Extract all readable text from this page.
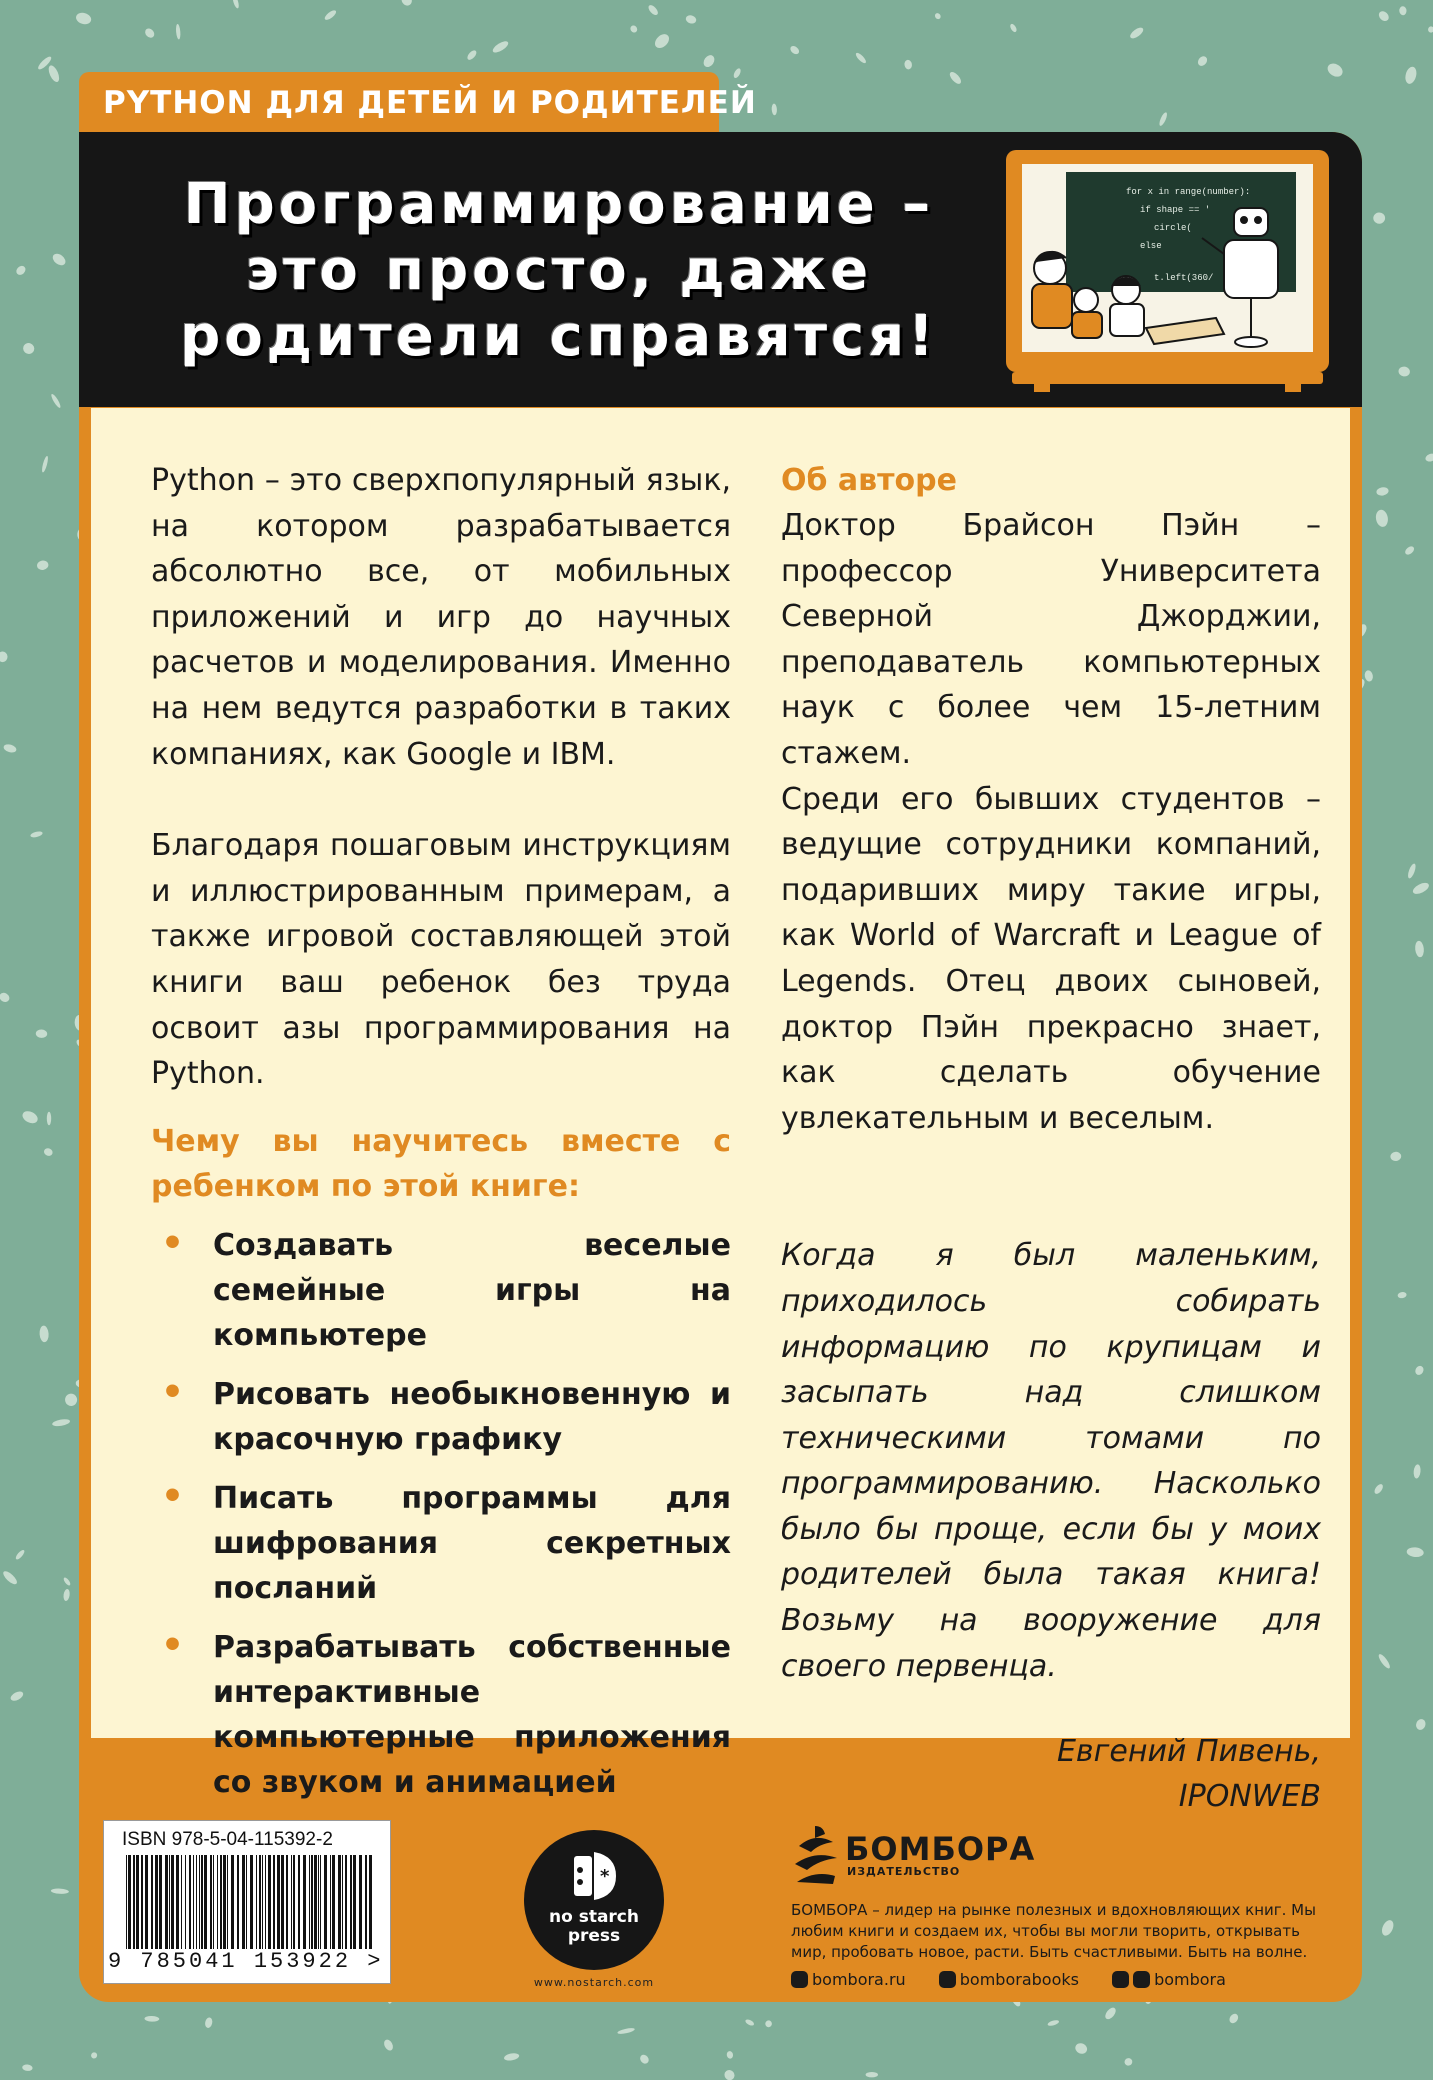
PYTHON ДЛЯ ДЕТЕЙ И РОДИТЕЛЕЙ
Программирование –
это просто, даже
родители справятся!
for x in range(number):
if shape == '
circle(
else
t.left(360/

Python – это сверхпопулярный язык, на котором разрабатывается абсолютно все, от мобильных приложений и игр до научных расчетов и моделирования. Именно на нем ведутся разработки в таких компаниях, как Google и IBM.

Благодаря пошаговым инструкциям и иллюстрированным примерам, а также игровой составляющей этой книги ваш ребенок без труда освоит азы программирования на Python.

Чему вы научитесь вместе с ребенком по этой книге:

• Создавать веселые семейные игры на компьютере
• Рисовать необыкновенную и красочную графику
• Писать программы для шифрования секретных посланий
• Разрабатывать собственные интерактивные компьютерные приложения со звуком и анимацией

Об авторе

Доктор Брайсон Пэйн – профессор Университета Северной Джорджии, преподаватель компьютерных наук с более чем 15-летним стажем.

Среди его бывших студентов – ведущие сотрудники компаний, подаривших миру такие игры, как World of Warcraft и League of Legends. Отец двоих сыновей, доктор Пэйн прекрасно знает, как сделать обучение увлекательным и веселым.

Когда я был маленьким, приходилось собирать информацию по крупицам и засыпать над слишком техническими томами по программированию. Насколько было бы проще, если бы у моих родителей была такая книга! Возьму на вооружение для своего первенца.

Евгений Пивень,
IPONWEB
ISBN 978-5-04-115392-2
9 785041 153922 >
*
no starch
press
www.nostarch.com
БОМБОРА
ИЗДАТЕЛЬСТВО
БОМБОРА – лидер на рынке полезных и вдохновляющих книг. Мы любим книги и создаем их, чтобы вы могли творить, открывать мир, пробовать новое, расти. Быть счастливыми. Быть на волне.
bombora.ru	bomborabooks	bombora
